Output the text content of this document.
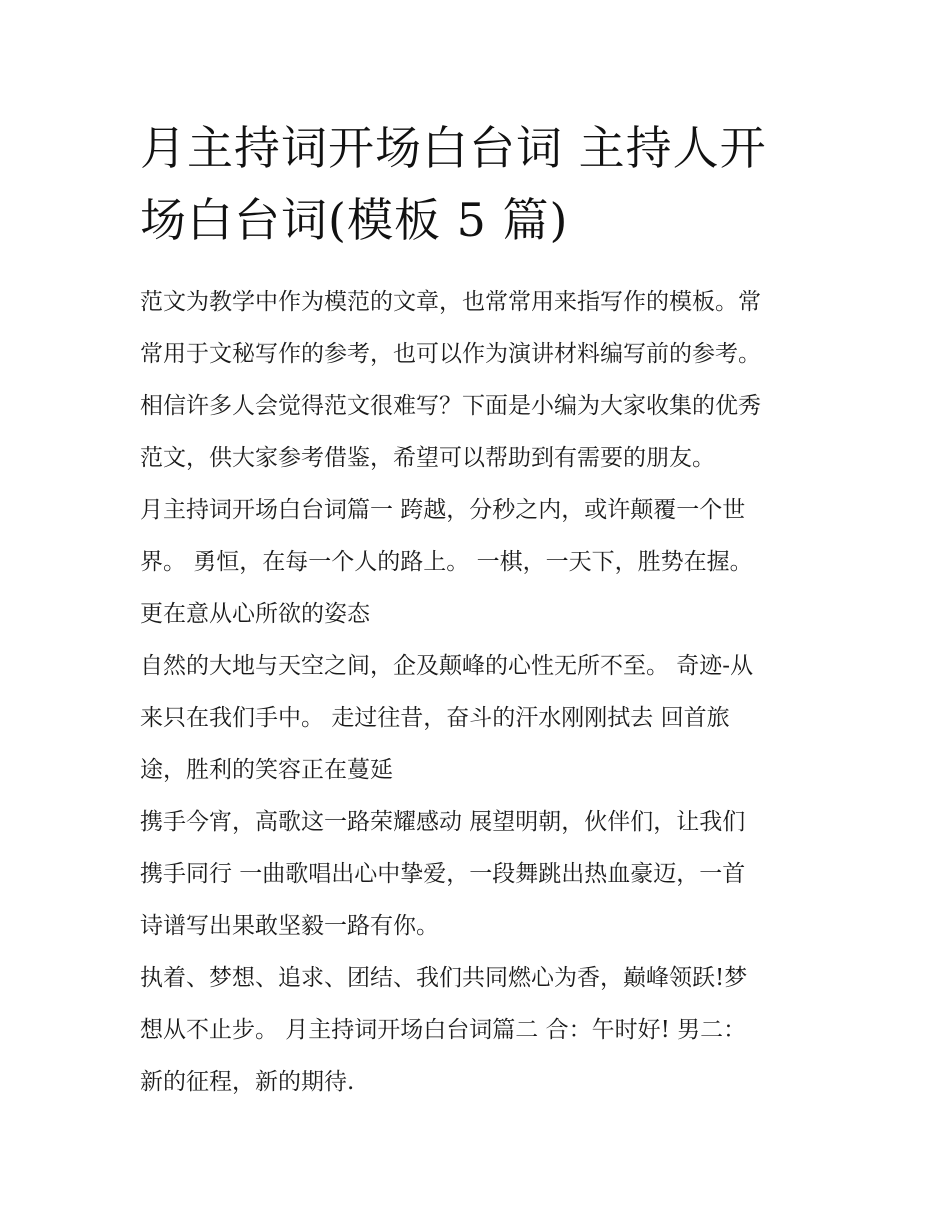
月主持词开场白台词 主持人开
场白台词(模板 5 篇)

范文为教学中作为模范的文章，也常常用来指写作的模板。常
常用于文秘写作的参考，也可以作为演讲材料编写前的参考。
相信许多人会觉得范文很难写？下面是小编为大家收集的优秀
范文，供大家参考借鉴，希望可以帮助到有需要的朋友。

月主持词开场白台词篇一 跨越，分秒之内，或许颠覆一个世
界。 勇恒，在每一个人的路上。 一棋，一天下，胜势在握。
更在意从心所欲的姿态

自然的大地与天空之间，企及颠峰的心性无所不至。 奇迹-从
来只在我们手中。 走过往昔，奋斗的汗水刚刚拭去 回首旅
途，胜利的笑容正在蔓延

携手今宵，高歌这一路荣耀感动 展望明朝，伙伴们，让我们
携手同行 一曲歌唱出心中挚爱，一段舞跳出热血豪迈，一首
诗谱写出果敢坚毅一路有你。

执着、梦想、追求、团结、我们共同燃心为香，巅峰领跃!梦
想从不止步。 月主持词开场白台词篇二 合：午时好! 男二：
新的征程，新的期待.
